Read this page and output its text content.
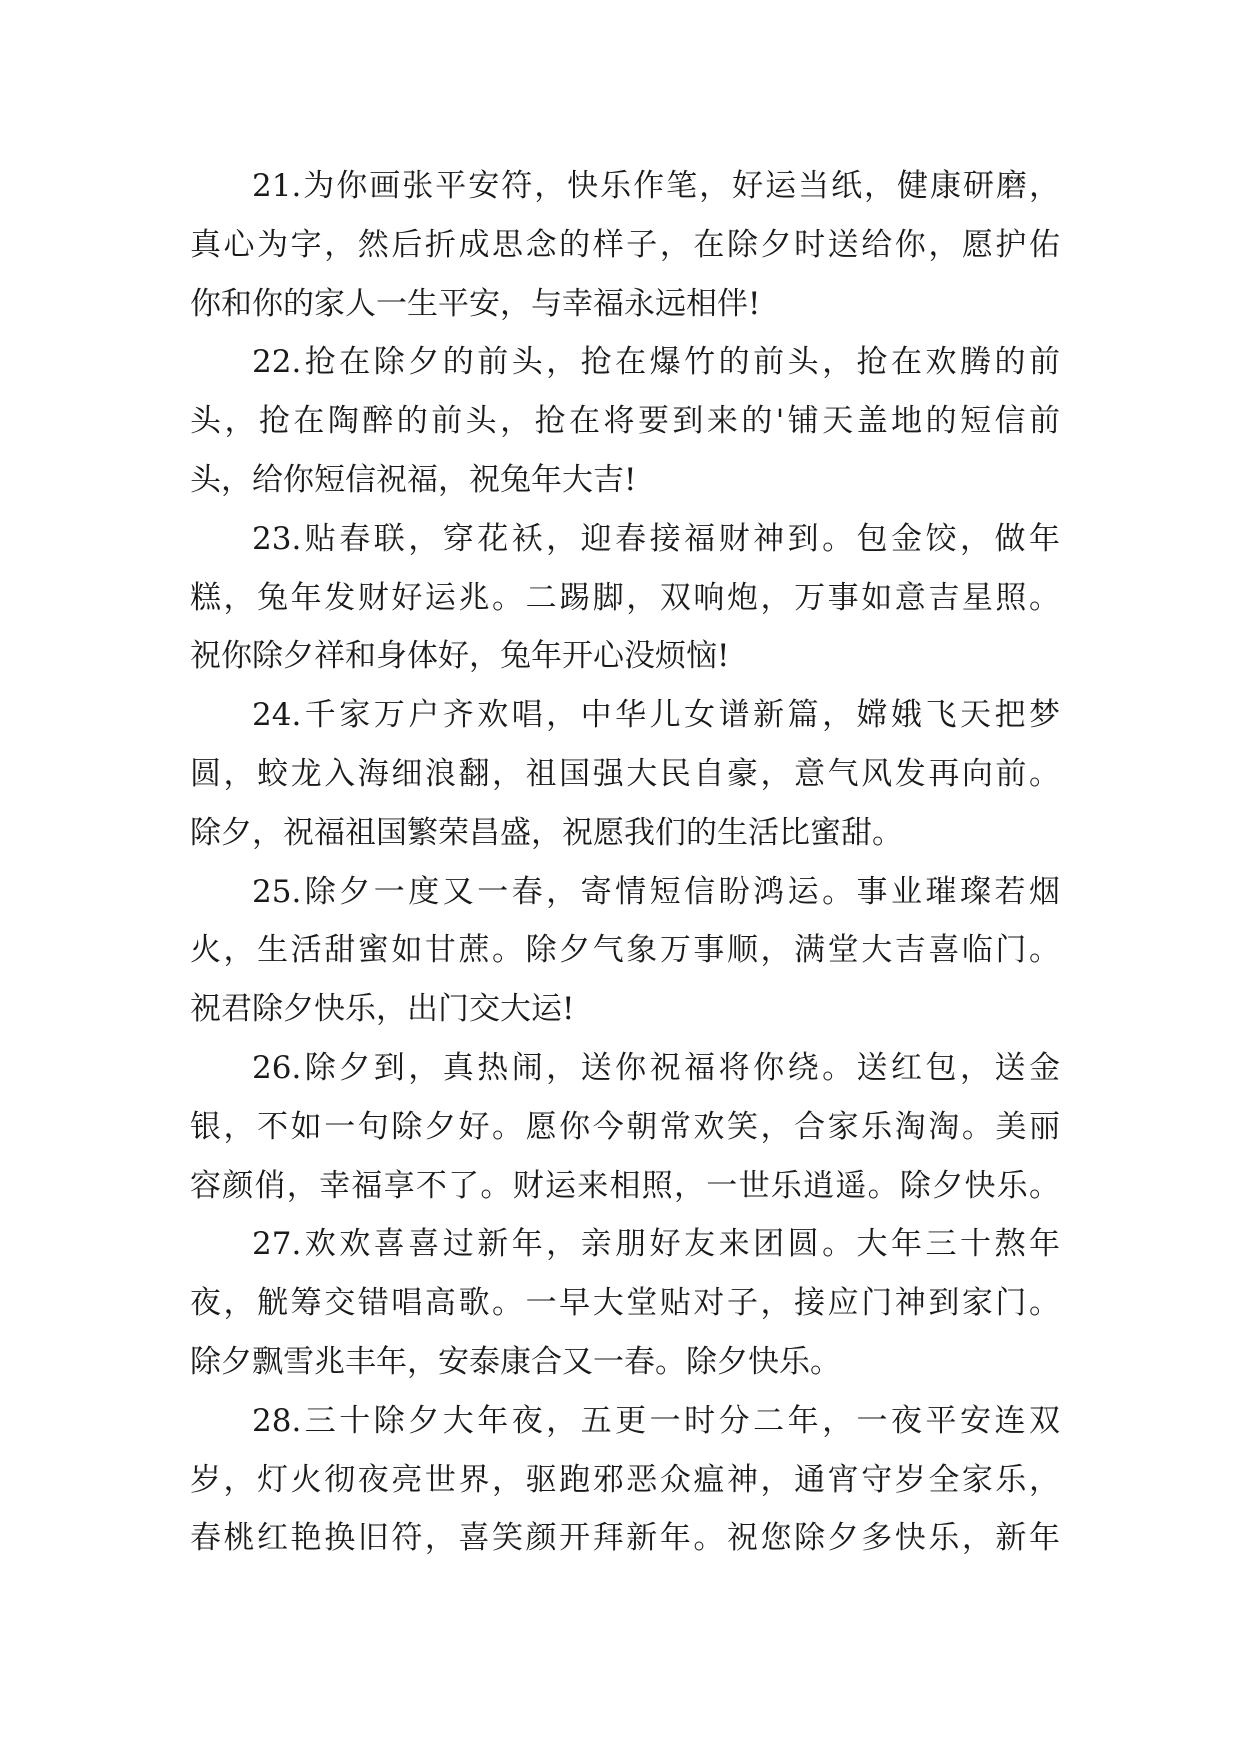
21.为你画张平安符，快乐作笔，好运当纸，健康研磨，
真心为字，然后折成思念的样子，在除夕时送给你，愿护佑
你和你的家人一生平安，与幸福永远相伴!
22.抢在除夕的前头，抢在爆竹的前头，抢在欢腾的前
头，抢在陶醉的前头，抢在将要到来的'铺天盖地的短信前
头，给你短信祝福，祝兔年大吉!
23.贴春联，穿花袄，迎春接福财神到。包金饺，做年
糕，兔年发财好运兆。二踢脚，双响炮，万事如意吉星照。
祝你除夕祥和身体好，兔年开心没烦恼!
24.千家万户齐欢唱，中华儿女谱新篇，嫦娥飞天把梦
圆，蛟龙入海细浪翻，祖国强大民自豪，意气风发再向前。
除夕，祝福祖国繁荣昌盛，祝愿我们的生活比蜜甜。
25.除夕一度又一春，寄情短信盼鸿运。事业璀璨若烟
火，生活甜蜜如甘蔗。除夕气象万事顺，满堂大吉喜临门。
祝君除夕快乐，出门交大运!
26.除夕到，真热闹，送你祝福将你绕。送红包，送金
银，不如一句除夕好。愿你今朝常欢笑，合家乐淘淘。美丽
容颜俏，幸福享不了。财运来相照，一世乐逍遥。除夕快乐。
27.欢欢喜喜过新年，亲朋好友来团圆。大年三十熬年
夜，觥筹交错唱高歌。一早大堂贴对子，接应门神到家门。
除夕飘雪兆丰年，安泰康合又一春。除夕快乐。
28.三十除夕大年夜，五更一时分二年，一夜平安连双
岁，灯火彻夜亮世界，驱跑邪恶众瘟神，通宵守岁全家乐，
春桃红艳换旧符，喜笑颜开拜新年。祝您除夕多快乐，新年
